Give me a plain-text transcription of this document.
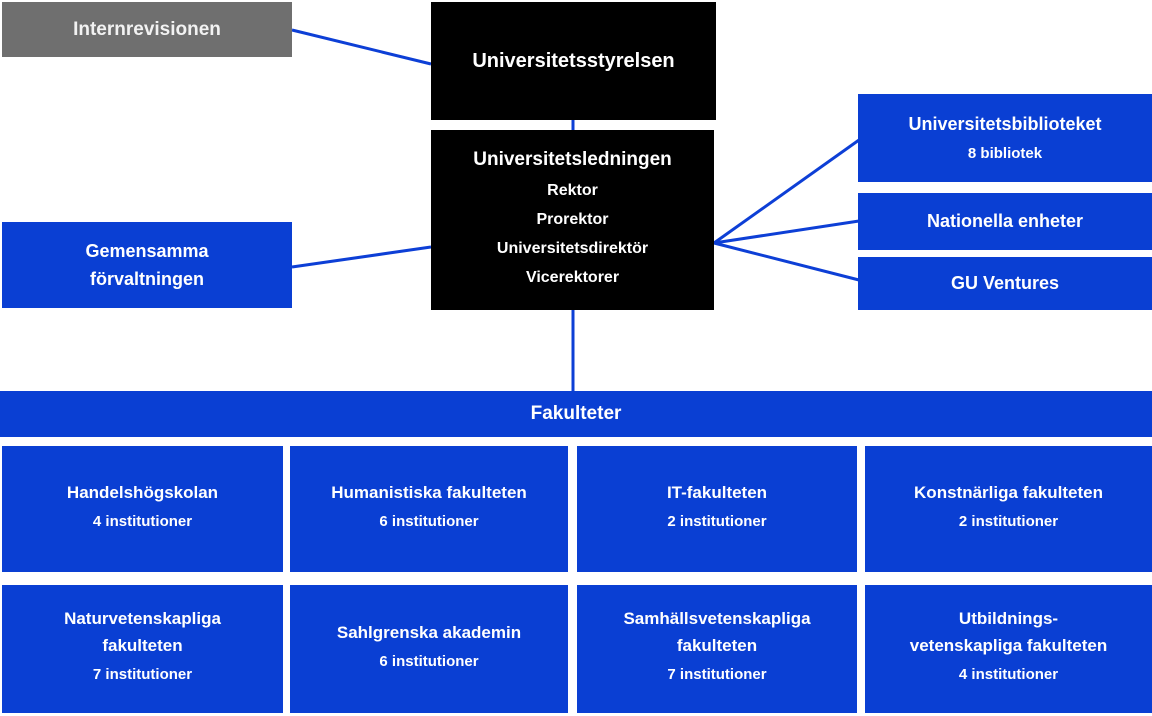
Internrevisionen
Universitetsstyrelsen
Universitetsledningen
Rektor
Prorektor
Universitetsdirektör
Vicerektorer
Gemensamma
förvaltningen
Universitetsbiblioteket
8 bibliotek
Nationella enheter
GU Ventures
Fakulteter
Handelshögskolan
4 institutioner
Humanistiska fakulteten
6 institutioner
IT-fakulteten
2 institutioner
Konstnärliga fakulteten
2 institutioner
Naturvetenskapliga
fakulteten
7 institutioner
Sahlgrenska akademin
6 institutioner
Samhällsvetenskapliga
fakulteten
7 institutioner
Utbildnings-
vetenskapliga fakulteten
4 institutioner
